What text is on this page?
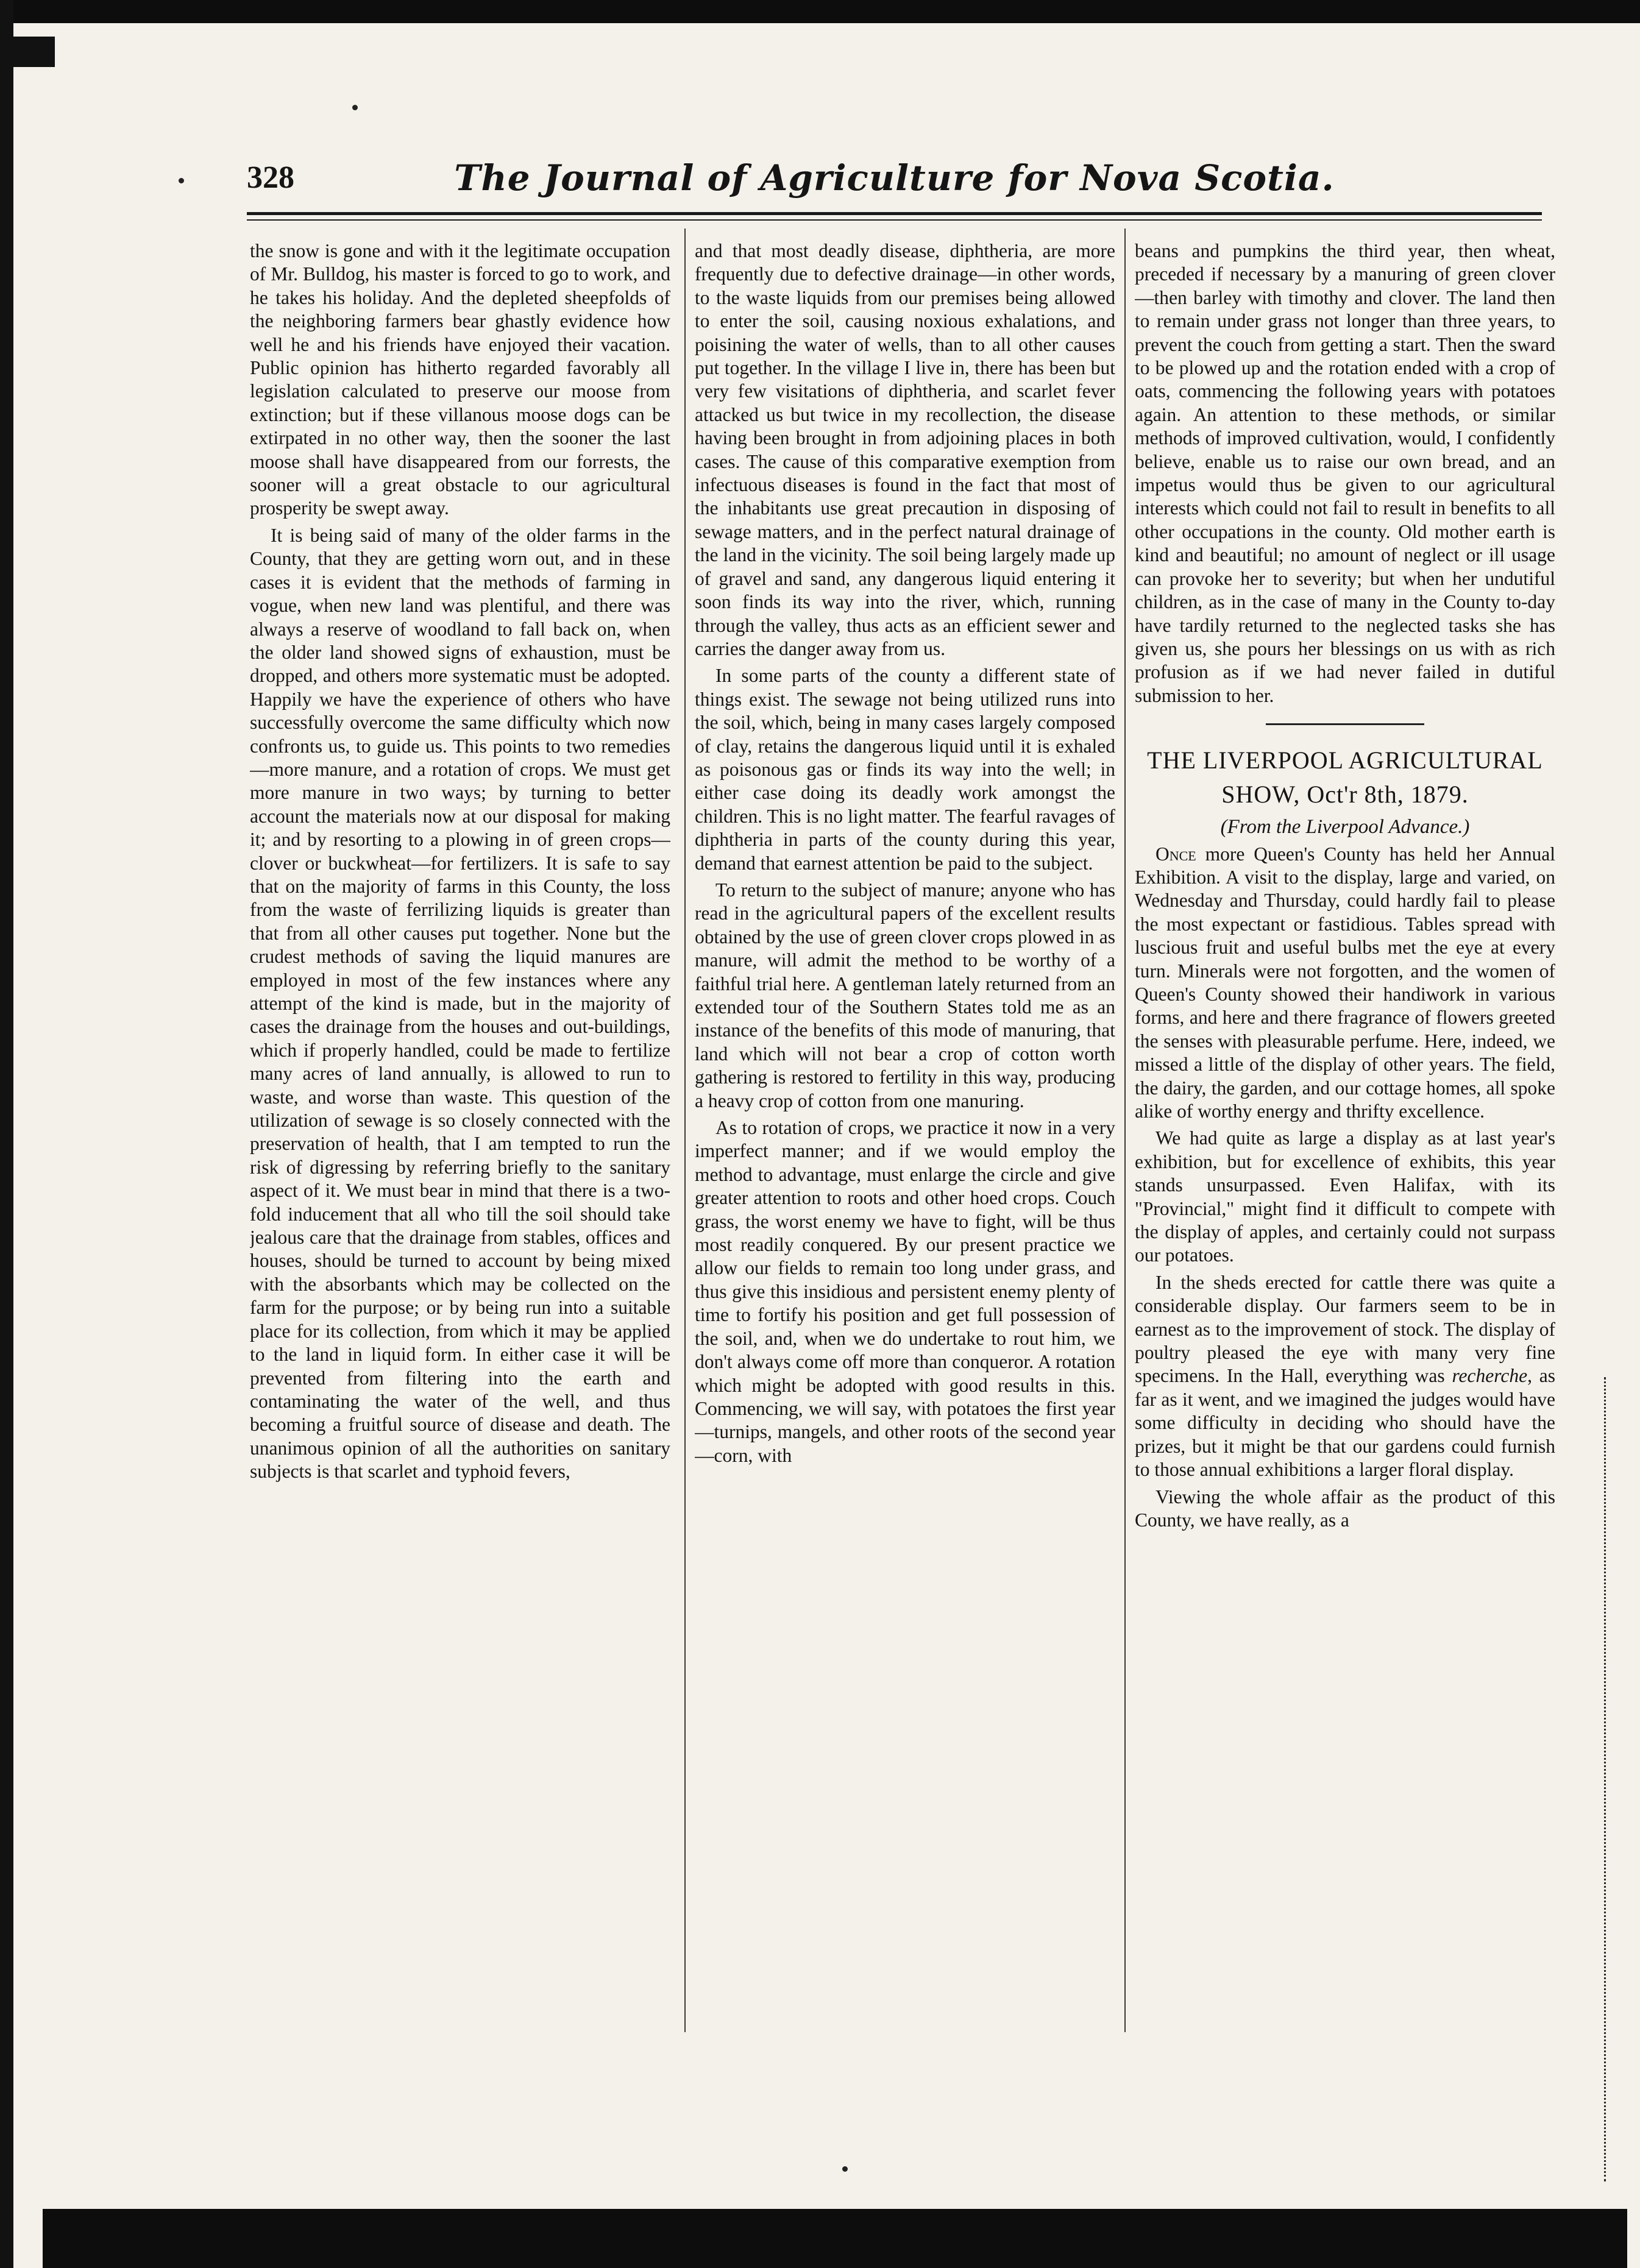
328	The Journal of Agriculture for Nova Scotia.

the snow is gone and with it the legitimate occupation of Mr. Bulldog, his master is forced to go to work, and he takes his holiday. And the depleted sheepfolds of the neighboring farmers bear ghastly evidence how well he and his friends have enjoyed their vacation. Public opinion has hitherto regarded favorably all legislation calculated to preserve our moose from extinction; but if these villanous moose dogs can be extirpated in no other way, then the sooner the last moose shall have disappeared from our forrests, the sooner will a great obstacle to our agricultural prosperity be swept away.

It is being said of many of the older farms in the County, that they are getting worn out, and in these cases it is evident that the methods of farming in vogue, when new land was plentiful, and there was always a reserve of woodland to fall back on, when the older land showed signs of exhaustion, must be dropped, and others more systematic must be adopted. Happily we have the experience of others who have successfully overcome the same difficulty which now confronts us, to guide us. This points to two remedies —more manure, and a rotation of crops. We must get more manure in two ways; by turning to better account the materials now at our disposal for making it; and by resorting to a plowing in of green crops—clover or buckwheat—for fertilizers. It is safe to say that on the majority of farms in this County, the loss from the waste of ferrilizing liquids is greater than that from all other causes put together. None but the crudest methods of saving the liquid manures are employed in most of the few instances where any attempt of the kind is made, but in the majority of cases the drainage from the houses and out-buildings, which if properly handled, could be made to fertilize many acres of land annually, is allowed to run to waste, and worse than waste. This question of the utilization of sewage is so closely connected with the preservation of health, that I am tempted to run the risk of digressing by referring briefly to the sanitary aspect of it. We must bear in mind that there is a two-fold inducement that all who till the soil should take jealous care that the drainage from stables, offices and houses, should be turned to account by being mixed with the absorbants which may be collected on the farm for the purpose; or by being run into a suitable place for its collection, from which it may be applied to the land in liquid form. In either case it will be prevented from filtering into the earth and contaminating the water of the well, and thus becoming a fruitful source of disease and death. The unanimous opinion of all the authorities on sanitary subjects is that scarlet and typhoid fevers,

and that most deadly disease, diphtheria, are more frequently due to defective drainage—in other words, to the waste liquids from our premises being allowed to enter the soil, causing noxious exhalations, and poisining the water of wells, than to all other causes put together. In the village I live in, there has been but very few visitations of diphtheria, and scarlet fever attacked us but twice in my recollection, the disease having been brought in from adjoining places in both cases. The cause of this comparative exemption from infectuous diseases is found in the fact that most of the inhabitants use great precaution in disposing of sewage matters, and in the perfect natural drainage of the land in the vicinity. The soil being largely made up of gravel and sand, any dangerous liquid entering it soon finds its way into the river, which, running through the valley, thus acts as an efficient sewer and carries the danger away from us.

In some parts of the county a different state of things exist. The sewage not being utilized runs into the soil, which, being in many cases largely composed of clay, retains the dangerous liquid until it is exhaled as poisonous gas or finds its way into the well; in either case doing its deadly work amongst the children. This is no light matter. The fearful ravages of diphtheria in parts of the county during this year, demand that earnest attention be paid to the subject.

To return to the subject of manure; anyone who has read in the agricultural papers of the excellent results obtained by the use of green clover crops plowed in as manure, will admit the method to be worthy of a faithful trial here. A gentleman lately returned from an extended tour of the Southern States told me as an instance of the benefits of this mode of manuring, that land which will not bear a crop of cotton worth gathering is restored to fertility in this way, producing a heavy crop of cotton from one manuring.

As to rotation of crops, we practice it now in a very imperfect manner; and if we would employ the method to advantage, must enlarge the circle and give greater attention to roots and other hoed crops. Couch grass, the worst enemy we have to fight, will be thus most readily conquered. By our present practice we allow our fields to remain too long under grass, and thus give this insidious and persistent enemy plenty of time to fortify his position and get full possession of the soil, and, when we do undertake to rout him, we don't always come off more than conqueror. A rotation which might be adopted with good results in this. Commencing, we will say, with potatoes the first year—turnips, mangels, and other roots of the second year—corn, with

beans and pumpkins the third year, then wheat, preceded if necessary by a manuring of green clover—then barley with timothy and clover. The land then to remain under grass not longer than three years, to prevent the couch from getting a start. Then the sward to be plowed up and the rotation ended with a crop of oats, commencing the following years with potatoes again. An attention to these methods, or similar methods of improved cultivation, would, I confidently believe, enable us to raise our own bread, and an impetus would thus be given to our agricultural interests which could not fail to result in benefits to all other occupations in the county. Old mother earth is kind and beautiful; no amount of neglect or ill usage can provoke her to severity; but when her undutiful children, as in the case of many in the County to-day have tardily returned to the neglected tasks she has given us, she pours her blessings on us with as rich profusion as if we had never failed in dutiful submission to her.

THE LIVERPOOL AGRICULTURAL
SHOW, Oct'r 8th, 1879.

(From the Liverpool Advance.)

Once more Queen's County has held her Annual Exhibition. A visit to the display, large and varied, on Wednesday and Thursday, could hardly fail to please the most expectant or fastidious. Tables spread with luscious fruit and useful bulbs met the eye at every turn. Minerals were not forgotten, and the women of Queen's County showed their handiwork in various forms, and here and there fragrance of flowers greeted the senses with pleasurable perfume. Here, indeed, we missed a little of the display of other years. The field, the dairy, the garden, and our cottage homes, all spoke alike of worthy energy and thrifty excellence.

We had quite as large a display as at last year's exhibition, but for excellence of exhibits, this year stands unsurpassed. Even Halifax, with its "Provincial," might find it difficult to compete with the display of apples, and certainly could not surpass our potatoes.

In the sheds erected for cattle there was quite a considerable display. Our farmers seem to be in earnest as to the improvement of stock. The display of poultry pleased the eye with many very fine specimens. In the Hall, everything was recherche, as far as it went, and we imagined the judges would have some difficulty in deciding who should have the prizes, but it might be that our gardens could furnish to those annual exhibitions a larger floral display.

Viewing the whole affair as the product of this County, we have really, as a
